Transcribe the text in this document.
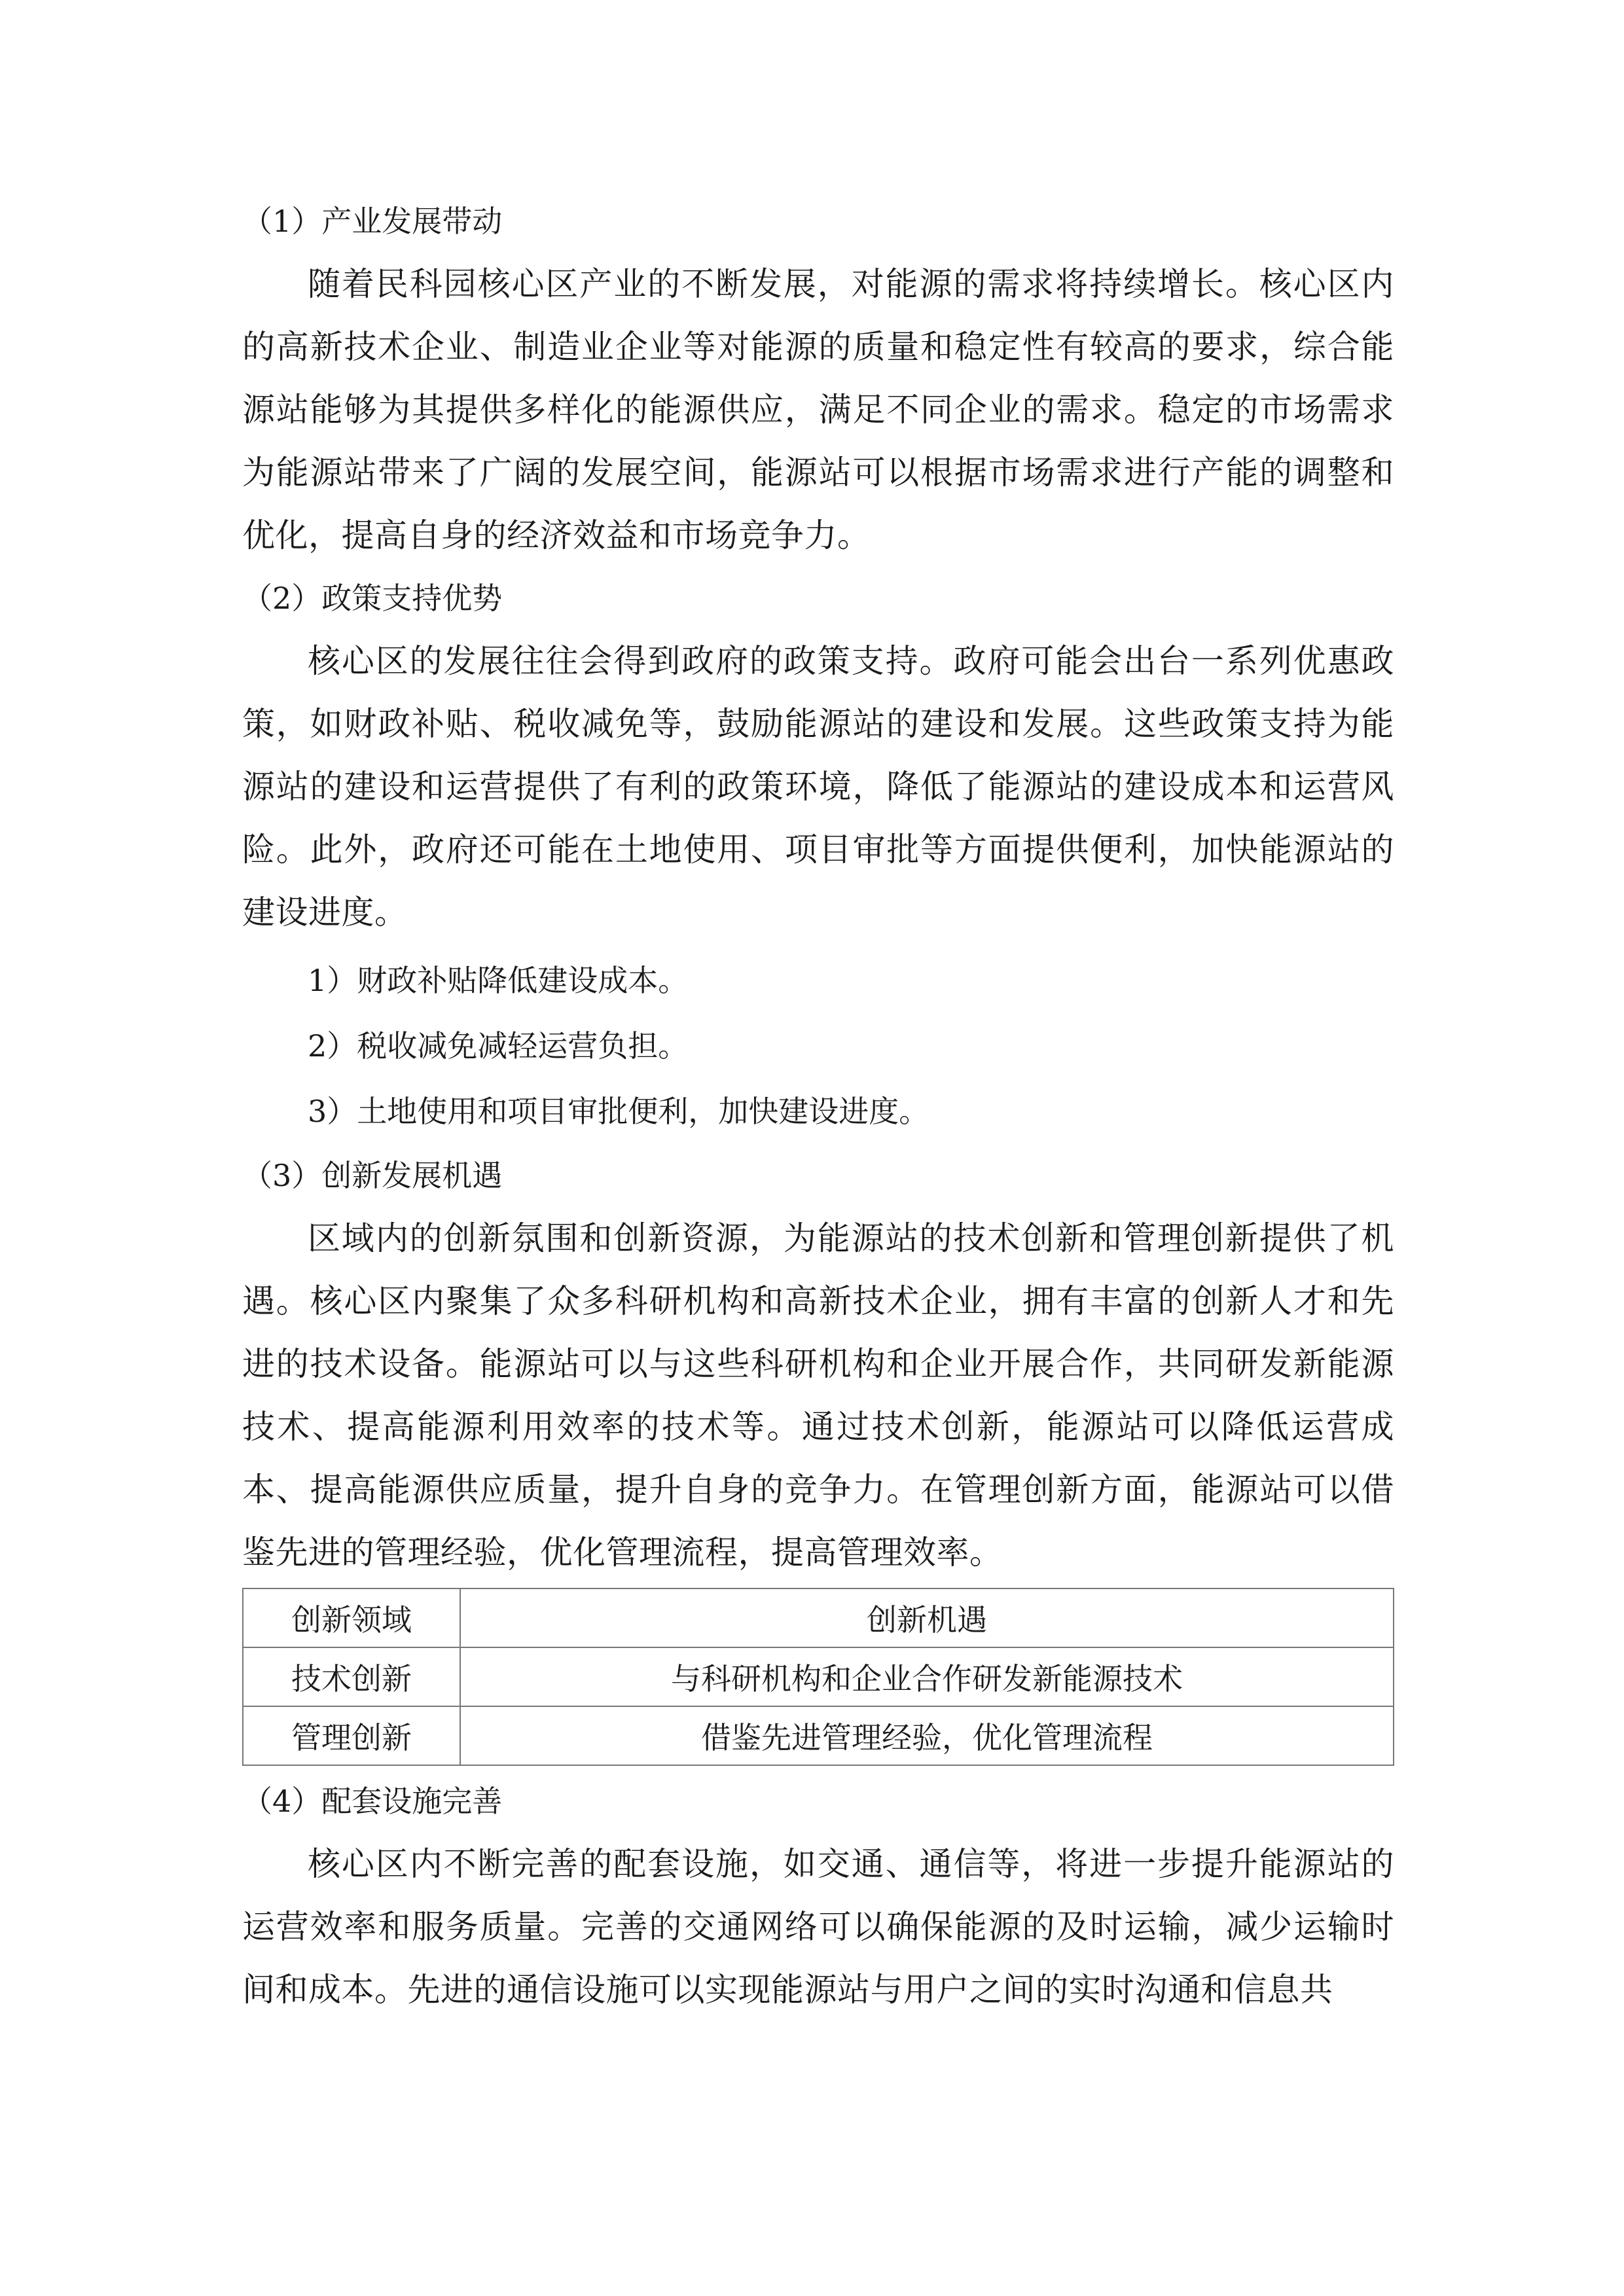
（1）产业发展带动

随着民科园核心区产业的不断发展，对能源的需求将持续增长。核心区内的高新技术企业、制造业企业等对能源的质量和稳定性有较高的要求，综合能源站能够为其提供多样化的能源供应，满足不同企业的需求。稳定的市场需求为能源站带来了广阔的发展空间，能源站可以根据市场需求进行产能的调整和优化，提高自身的经济效益和市场竞争力。

（2）政策支持优势

核心区的发展往往会得到政府的政策支持。政府可能会出台一系列优惠政策，如财政补贴、税收减免等，鼓励能源站的建设和发展。这些政策支持为能源站的建设和运营提供了有利的政策环境，降低了能源站的建设成本和运营风险。此外，政府还可能在土地使用、项目审批等方面提供便利，加快能源站的建设进度。

1）财政补贴降低建设成本。

2）税收减免减轻运营负担。

3）土地使用和项目审批便利，加快建设进度。

（3）创新发展机遇

区域内的创新氛围和创新资源，为能源站的技术创新和管理创新提供了机遇。核心区内聚集了众多科研机构和高新技术企业，拥有丰富的创新人才和先进的技术设备。能源站可以与这些科研机构和企业开展合作，共同研发新能源技术、提高能源利用效率的技术等。通过技术创新，能源站可以降低运营成本、提高能源供应质量，提升自身的竞争力。在管理创新方面，能源站可以借鉴先进的管理经验，优化管理流程，提高管理效率。

创新领域	创新机遇
技术创新	与科研机构和企业合作研发新能源技术
管理创新	借鉴先进管理经验，优化管理流程

（4）配套设施完善

核心区内不断完善的配套设施，如交通、通信等，将进一步提升能源站的运营效率和服务质量。完善的交通网络可以确保能源的及时运输，减少运输时间和成本。先进的通信设施可以实现能源站与用户之间的实时沟通和信息共
